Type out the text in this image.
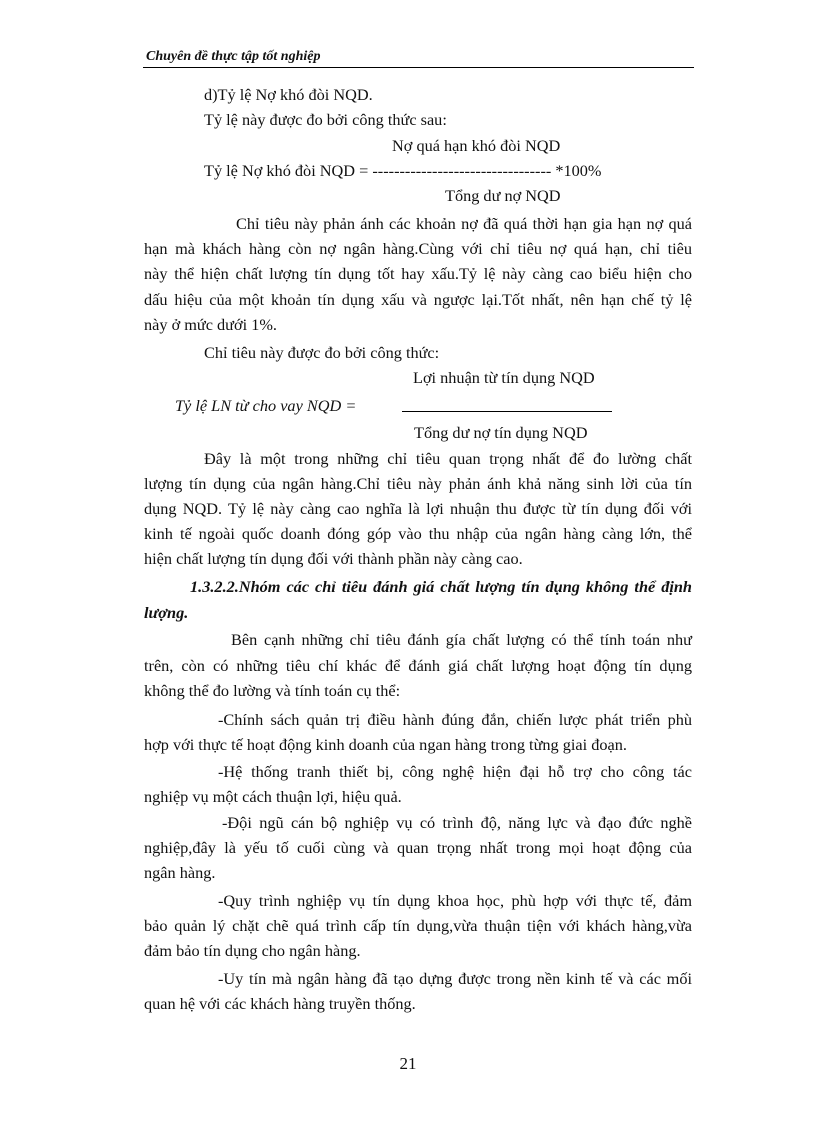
Chuyên đề thực tập tốt nghiệp
d)Tỷ lệ Nợ khó đòi NQD.
Tỷ lệ này được đo bởi công thức sau:
Nợ quá hạn khó đòi NQD
Tỷ lệ Nợ khó đòi NQD = --------------------------------- *100%
Tổng dư nợ NQD
Chỉ tiêu này phản ánh các khoản nợ đã quá thời hạn gia hạn nợ quá
hạn mà khách hàng còn nợ ngân hàng.Cùng với chỉ tiêu nợ quá hạn, chỉ tiêu
này thể hiện chất lượng tín dụng tốt hay xấu.Tỷ lệ này càng cao biểu hiện cho
dấu hiệu của một khoản tín dụng xấu và ngược lại.Tốt nhất, nên hạn chế tỷ lệ
này ở mức dưới 1%.
Chỉ tiêu này được đo bởi công thức:
Lợi nhuận từ tín dụng NQD
Tỷ lệ LN từ cho vay NQD =
Tổng dư nợ tín dụng NQD
Đây là một trong những chỉ tiêu quan trọng nhất để đo lường chất
lượng tín dụng của ngân hàng.Chỉ tiêu này phản ánh khả năng sinh lời của tín
dụng NQD. Tỷ lệ này càng cao nghĩa là lợi nhuận thu được từ tín dụng đối với
kinh tế ngoài quốc doanh đóng góp vào thu nhập của ngân hàng càng lớn, thể
hiện chất lượng tín dụng đối với thành phần này càng cao.
1.3.2.2.Nhóm các chỉ tiêu đánh giá chất lượng tín dụng không thể định
lượng.
Bên cạnh những chỉ tiêu đánh gía chất lượng có thể tính toán như
trên, còn có những tiêu chí khác để đánh giá chất lượng hoạt động tín dụng
không thể đo lường và tính toán cụ thể:
-Chính sách quản trị điều hành đúng đắn, chiến lược phát triển phù
hợp với thực tế hoạt động kinh doanh của ngan hàng trong từng giai đoạn.
-Hệ thống tranh thiết bị, công nghệ hiện đại hỗ trợ cho công tác
nghiệp vụ một cách thuận lợi, hiệu quả.
-Đội ngũ cán bộ nghiệp vụ có trình độ, năng lực và đạo đức nghề
nghiệp,đây là yếu tố cuối cùng và quan trọng nhất trong mọi hoạt động của
ngân hàng.
-Quy trình nghiệp vụ tín dụng khoa học, phù hợp với thực tế, đảm
bảo quản lý chặt chẽ quá trình cấp tín dụng,vừa thuận tiện với khách hàng,vừa
đảm bảo tín dụng cho ngân hàng.
-Uy tín mà ngân hàng đã tạo dựng được trong nền kinh tế và các mối
quan hệ với các khách hàng truyền thống.
21
